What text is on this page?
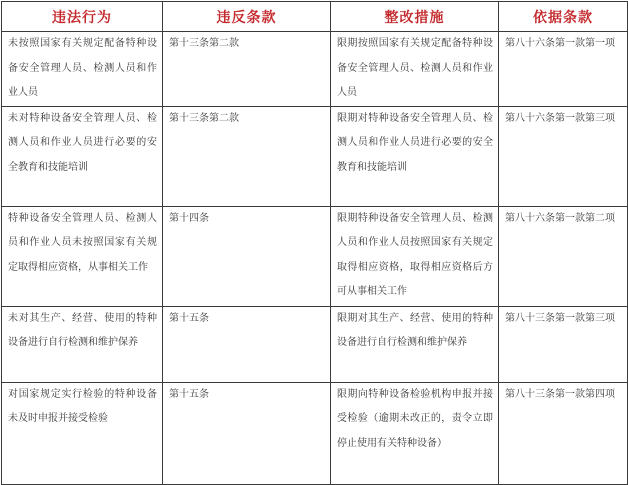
违法行为	违反条款	整改措施	依据条款
未按照国家有关规定配备特种设备安全管理人员、检测人员和作业人员	第十三条第二款	限期按照国家有关规定配备特种设备安全管理人员、检测人员和作业人员	第八十六条第一款第一项
未对特种设备安全管理人员、检测人员和作业人员进行必要的安全教育和技能培训	第十三条第二款	限期对特种设备安全管理人员、检测人员和作业人员进行必要的安全教育和技能培训	第八十六条第一款第三项
特种设备安全管理人员、检测人员和作业人员未按照国家有关规定取得相应资格，从事相关工作	第十四条	限期特种设备安全管理人员、检测人员和作业人员按照国家有关规定取得相应资格，取得相应资格后方可从事相关工作	第八十六条第一款第二项
未对其生产、经营、使用的特种设备进行自行检测和维护保养	第十五条	限期对其生产、经营、使用的特种设备进行自行检测和维护保养	第八十三条第一款第三项
对国家规定实行检验的特种设备未及时申报并接受检验	第十五条	限期向特种设备检验机构申报并接受检验（逾期未改正的，责令立即停止使用有关特种设备）	第八十三条第一款第四项
